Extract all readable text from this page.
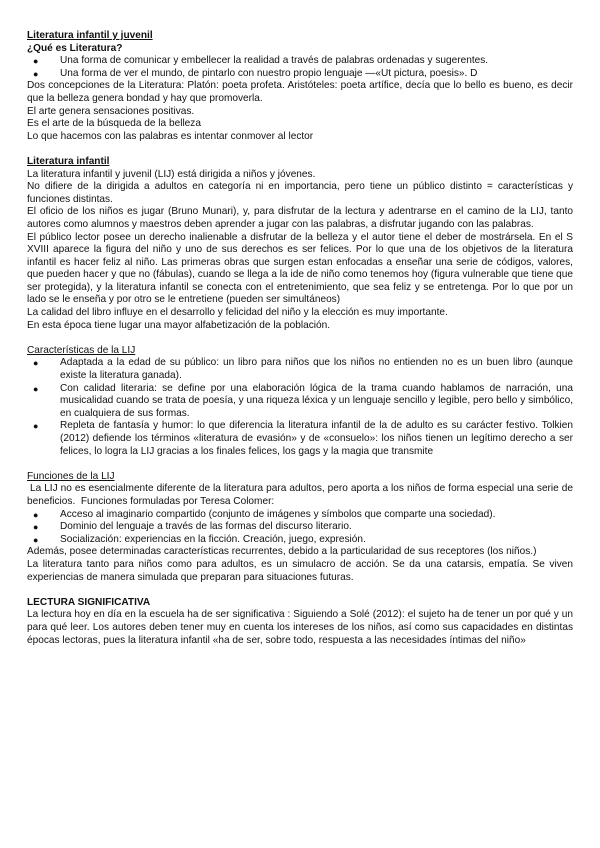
Literatura infantil y juvenil

¿Qué es Literatura?

● Una forma de comunicar y embellecer la realidad a través de palabras ordenadas y sugerentes.
● Una forma de ver el mundo, de pintarlo con nuestro propio lenguaje —«Ut pictura, poesis». D

Dos concepciones de la Literatura: Platón: poeta profeta. Aristóteles: poeta artífice, decía que lo bello es bueno, es decir que la belleza genera bondad y hay que promoverla.

El arte genera sensaciones positivas.

Es el arte de la búsqueda de la belleza

Lo que hacemos con las palabras es intentar conmover al lector

Literatura infantil

La literatura infantil y juvenil (LIJ) está dirigida a niños y jóvenes.

No difiere de la dirigida a adultos en categoría ni en importancia, pero tiene un público distinto = características y funciones distintas.

El oficio de los niños es jugar (Bruno Munari), y, para disfrutar de la lectura y adentrarse en el camino de la LIJ, tanto autores como alumnos y maestros deben aprender a jugar con las palabras, a disfrutar jugando con las palabras.

El público lector posee un derecho inalienable a disfrutar de la belleza y el autor tiene el deber de mostrársela. En el S XVIII aparece la figura del niño y uno de sus derechos es ser felices. Por lo que una de los objetivos de la literatura infantil es hacer feliz al niño. Las primeras obras que surgen estan enfocadas a enseñar una serie de códigos, valores, que pueden hacer y que no (fábulas), cuando se llega a la ide de niño como tenemos hoy (figura vulnerable que tiene que ser protegida), y la literatura infantil se conecta con el entretenimiento, que sea feliz y se entretenga. Por lo que por un lado se le enseña y por otro se le entretiene (pueden ser simultáneos)

La calidad del libro influye en el desarrollo y felicidad del niño y la elección es muy importante.

En esta época tiene lugar una mayor alfabetización de la población.

Características de la LIJ

● Adaptada a la edad de su público: un libro para niños que los niños no entienden no es un buen libro (aunque existe la literatura ganada).
● Con calidad literaria: se define por una elaboración lógica de la trama cuando hablamos de narración, una musicalidad cuando se trata de poesía, y una riqueza léxica y un lenguaje sencillo y legible, pero bello y simbólico, en cualquiera de sus formas.
● Repleta de fantasía y humor: lo que diferencia la literatura infantil de la de adulto es su carácter festivo. Tolkien (2012) defiende los términos «literatura de evasión» y de «consuelo»: los niños tienen un legítimo derecho a ser felices, lo logra la LIJ gracias a los finales felices, los gags y la magia que transmite

Funciones de la LIJ

La LIJ no es esencialmente diferente de la literatura para adultos, pero aporta a los niños de forma especial una serie de beneficios.  Funciones formuladas por Teresa Colomer:

● Acceso al imaginario compartido (conjunto de imágenes y símbolos que comparte una sociedad).
● Dominio del lenguaje a través de las formas del discurso literario.
● Socialización: experiencias en la ficción. Creación, juego, expresión.

Además, posee determinadas características recurrentes, debido a la particularidad de sus receptores (los niños.)

La literatura tanto para niños como para adultos, es un simulacro de acción. Se da una catarsis, empatía. Se viven experiencias de manera simulada que preparan para situaciones futuras.

LECTURA SIGNIFICATIVA

La lectura hoy en día en la escuela ha de ser significativa : Siguiendo a Solé (2012): el sujeto ha de tener un por qué y un para qué leer. Los autores deben tener muy en cuenta los intereses de los niños, así como sus capacidades en distintas épocas lectoras, pues la literatura infantil «ha de ser, sobre todo, respuesta a las necesidades íntimas del niño»
